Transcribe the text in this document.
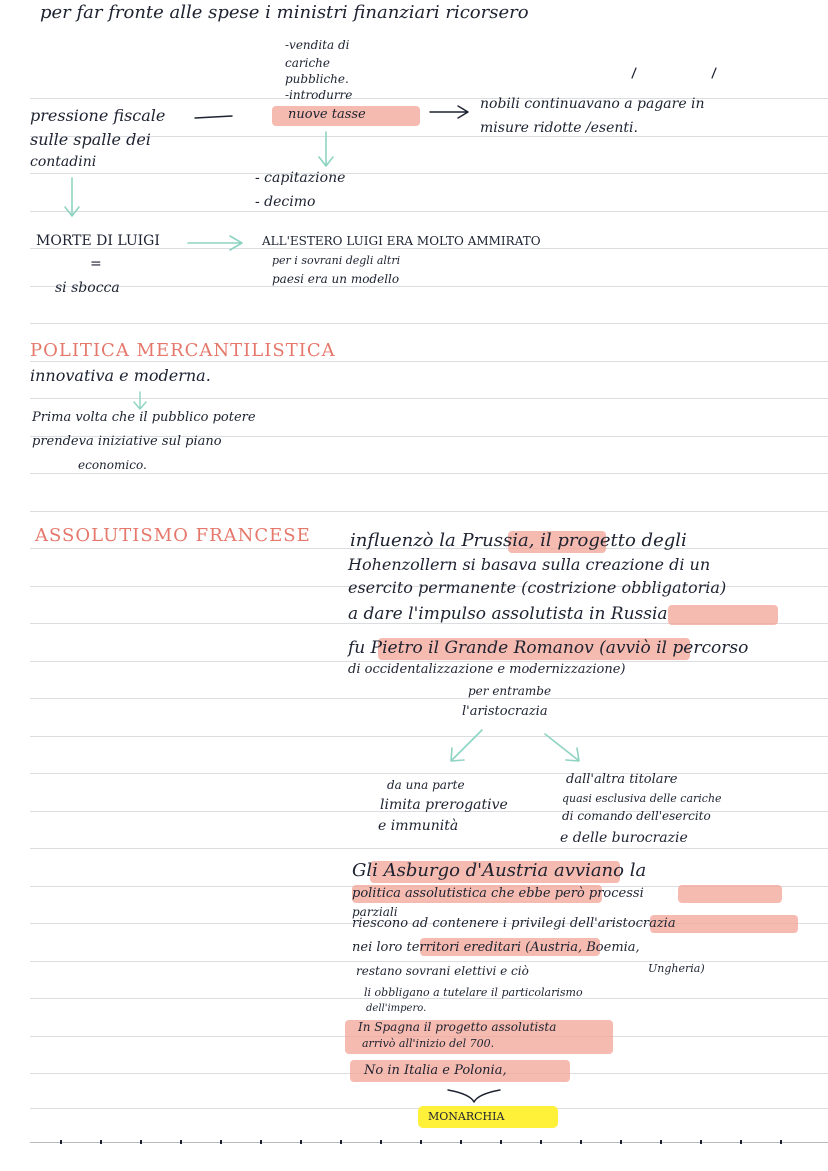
per far fronte alle spese i ministri finanziari ricorsero
-vendita di
cariche
pubbliche.
-introdurre
nuove tasse
nobili continuavano a pagare in
misure ridotte /esenti.
pressione fiscale
sulle spalle dei
contadini
- capitazione
- decimo
MORTE DI LUIGI
=
si sbocca
ALL'ESTERO LUIGI ERA MOLTO AMMIRATO
per i sovrani degli altri
paesi era un modello
POLITICA MERCANTILISTICA
innovativa e moderna.
Prima volta che il pubblico potere
prendeva iniziative sul piano
economico.
ASSOLUTISMO FRANCESE influenzò la Prussia, il progetto degli
Hohenzollern si basava sulla creazione di un
esercito permanente (costrizione obbligatoria)
a dare l'impulso assolutista in Russia
fu Pietro il Grande Romanov (avviò il percorso
di occidentalizzazione e modernizzazione)
per entrambe
l'aristocrazia
da una parte
limita prerogative
e immunità
dall'altra titolare
quasi esclusiva delle cariche
di comando dell'esercito
e delle burocrazie
Gli Asburgo d'Austria avviano la
politica assolutistica che ebbe però processi
parziali
riescono ad contenere i privilegi dell'aristocrazia
nei loro territori ereditari (Austria, Boemia,
Ungheria)
restano sovrani elettivi e ciò
li obbligano a tutelare il particolarismo
dell'impero.
In Spagna il progetto assolutista
arrivò all'inizio del 700.
No in Italia e Polonia,
MONARCHIA
